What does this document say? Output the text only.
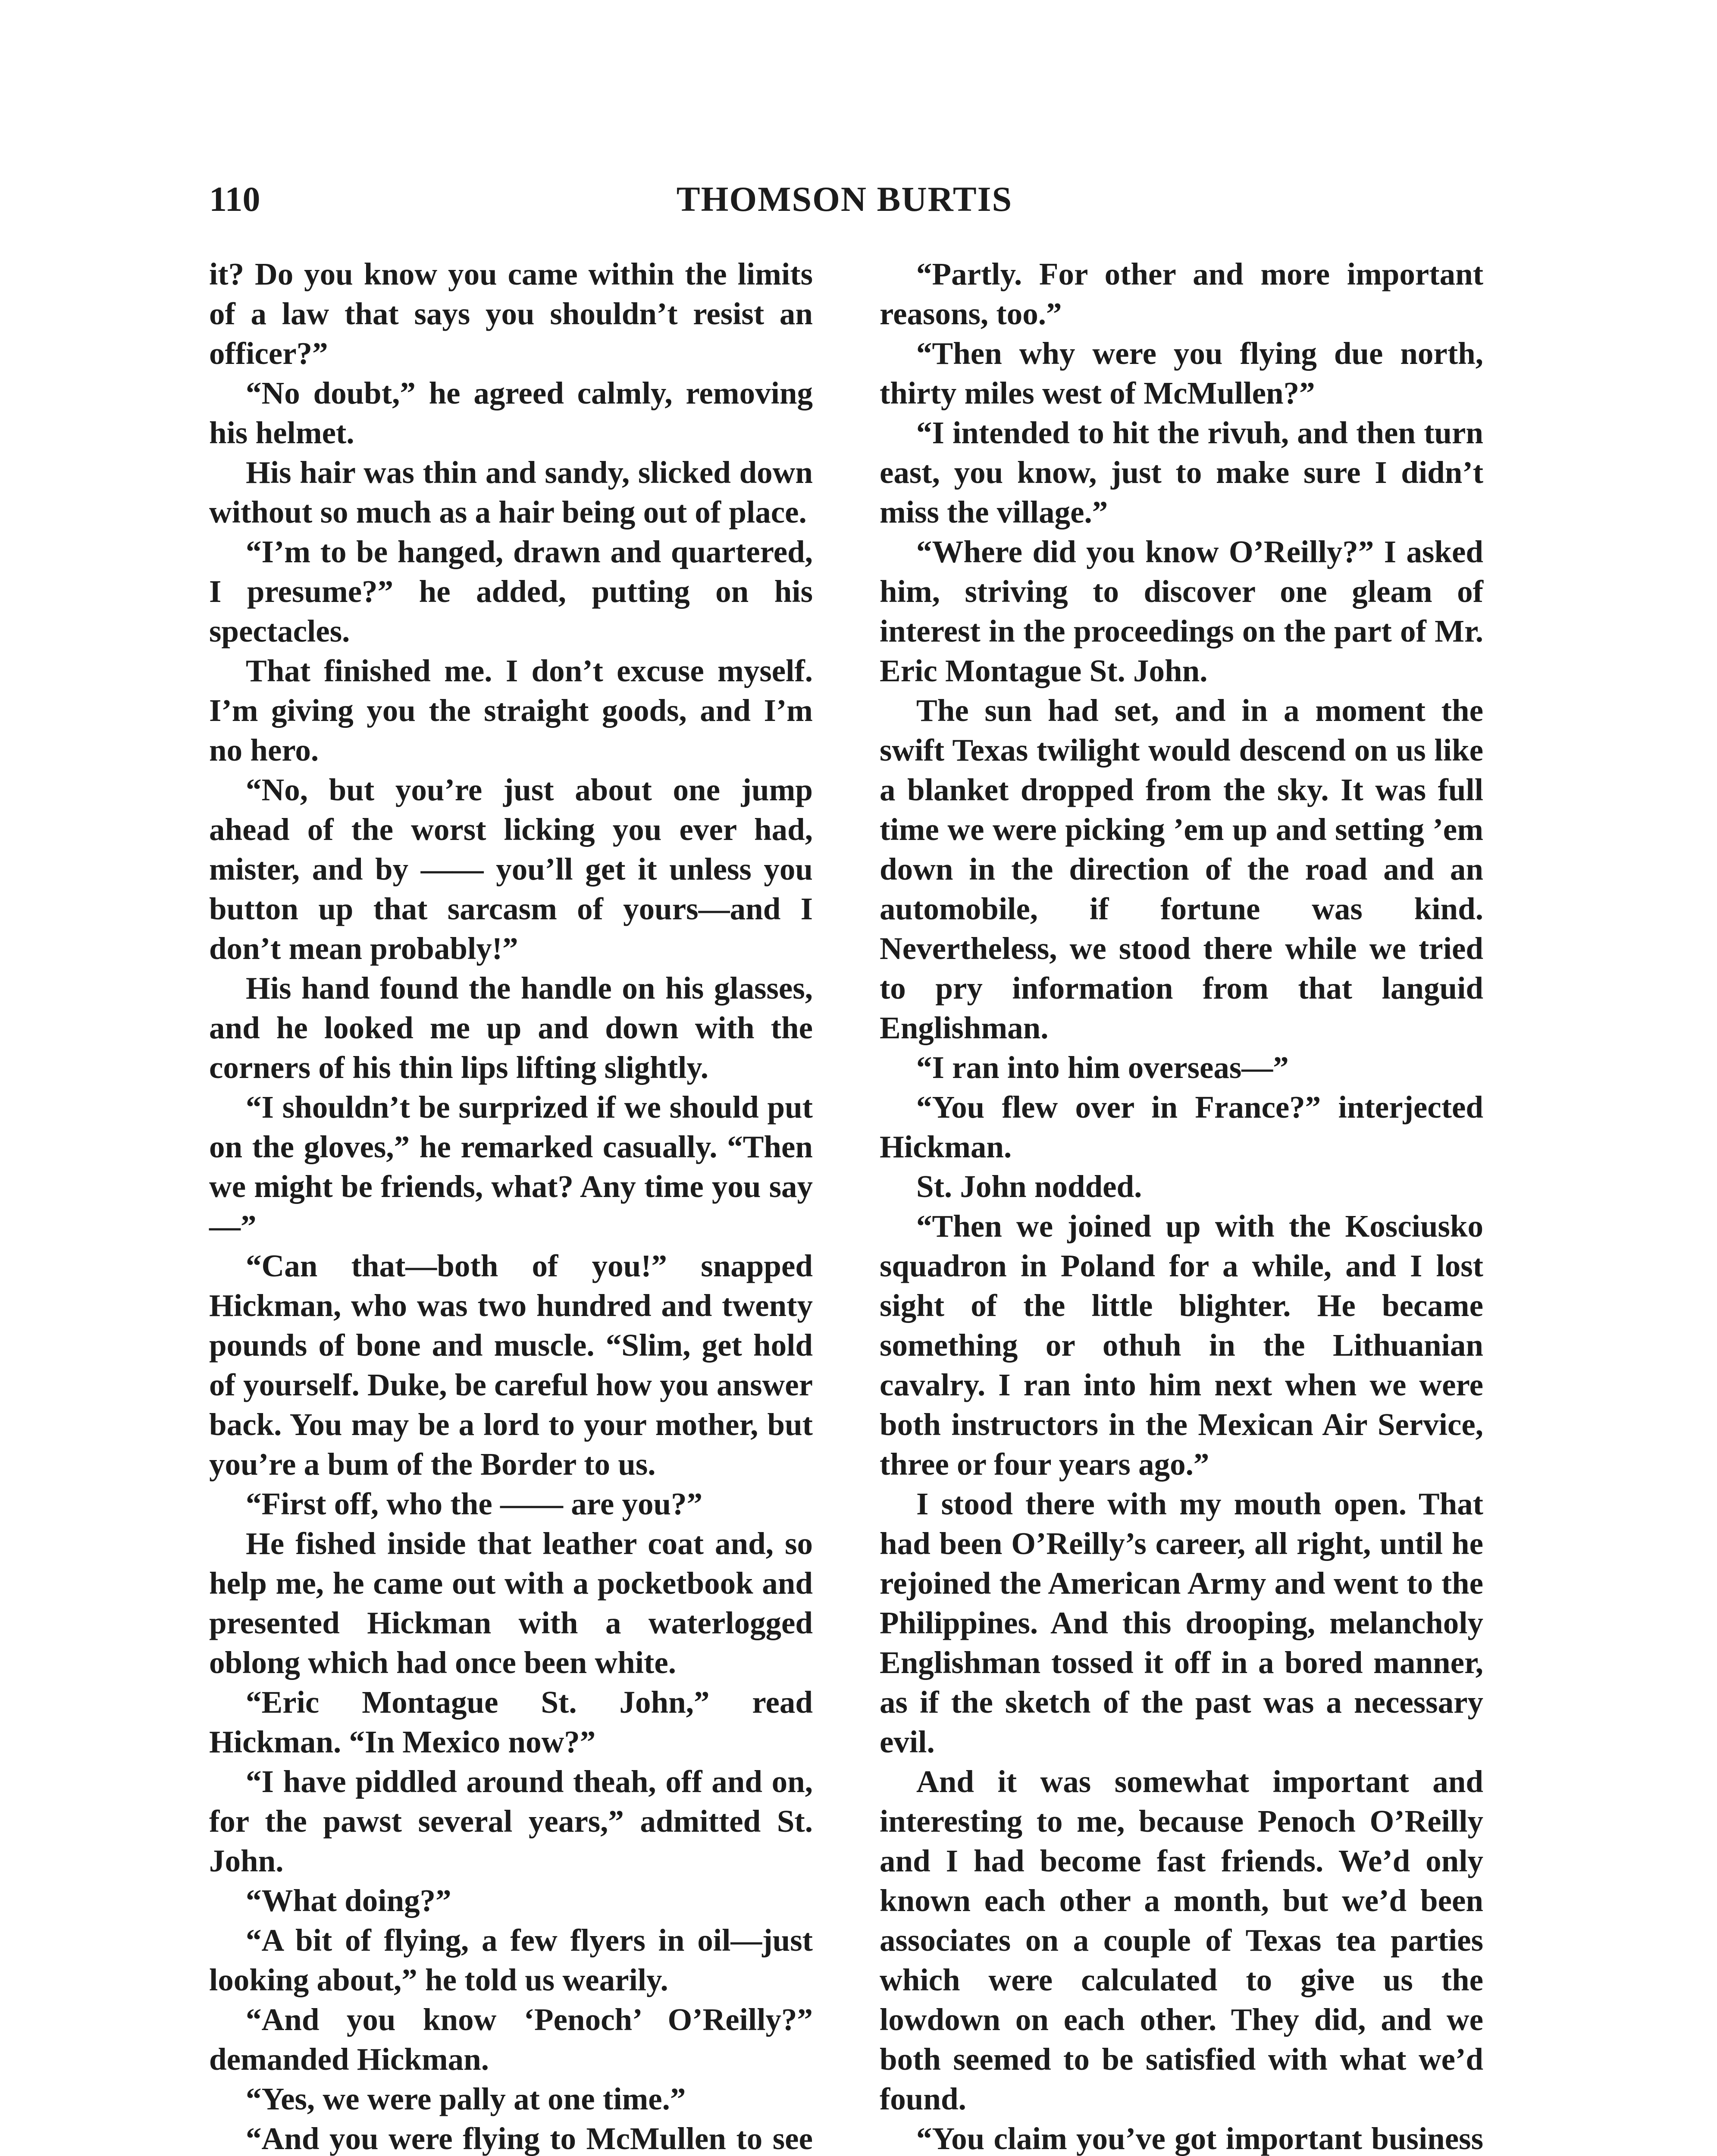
110	THOMSON BURTIS

it? Do you know you came within the limits of a law that says you shouldn’t resist an officer?”

“No doubt,” he agreed calmly, removing his helmet.

His hair was thin and sandy, slicked down without so much as a hair being out of place.

“I’m to be hanged, drawn and quartered, I presume?” he added, putting on his spectacles.

That finished me. I don’t excuse myself. I’m giving you the straight goods, and I’m no hero.

“No, but you’re just about one jump ahead of the worst licking you ever had, mister, and by —— you’ll get it unless you button up that sarcasm of yours—and I don’t mean probably!”

His hand found the handle on his glasses, and he looked me up and down with the corners of his thin lips lifting slightly.

“I shouldn’t be surprized if we should put on the gloves,” he remarked casually. “Then we might be friends, what? Any time you say—”

“Can that—both of you!” snapped Hickman, who was two hundred and twenty pounds of bone and muscle. “Slim, get hold of yourself. Duke, be careful how you answer back. You may be a lord to your mother, but you’re a bum of the Border to us.

“First off, who the —— are you?”

He fished inside that leather coat and, so help me, he came out with a pocketbook and presented Hickman with a waterlogged oblong which had once been white.

“Eric Montague St. John,” read Hickman. “In Mexico now?”

“I have piddled around theah, off and on, for the pawst several years,” admitted St. John.

“What doing?”

“A bit of flying, a few flyers in oil—just looking about,” he told us wearily.

“And you know ‘Penoch’ O’Reilly?” demanded Hickman.

“Yes, we were pally at one time.”

“And you were flying to McMullen to see

“Partly. For other and more important reasons, too.”

“Then why were you flying due north, thirty miles west of McMullen?”

“I intended to hit the rivuh, and then turn east, you know, just to make sure I didn’t miss the village.”

“Where did you know O’Reilly?” I asked him, striving to discover one gleam of interest in the proceedings on the part of Mr. Eric Montague St. John.

The sun had set, and in a moment the swift Texas twilight would descend on us like a blanket dropped from the sky. It was full time we were picking ’em up and setting ’em down in the direction of the road and an automobile, if fortune was kind. Nevertheless, we stood there while we tried to pry information from that languid Englishman.

“I ran into him overseas—”

“You flew over in France?” interjected Hickman.

St. John nodded.

“Then we joined up with the Kosciusko squadron in Poland for a while, and I lost sight of the little blighter. He became something or othuh in the Lithuanian cavalry. I ran into him next when we were both instructors in the Mexican Air Service, three or four years ago.”

I stood there with my mouth open. That had been O’Reilly’s career, all right, until he rejoined the American Army and went to the Philippines. And this drooping, melancholy Englishman tossed it off in a bored manner, as if the sketch of the past was a necessary evil.

And it was somewhat important and interesting to me, because Penoch O’Reilly and I had become fast friends. We’d only known each other a month, but we’d been associates on a couple of Texas tea parties which were calculated to give us the lowdown on each other. They did, and we both seemed to be satisfied with what we’d found.

“You claim you’ve got important business
